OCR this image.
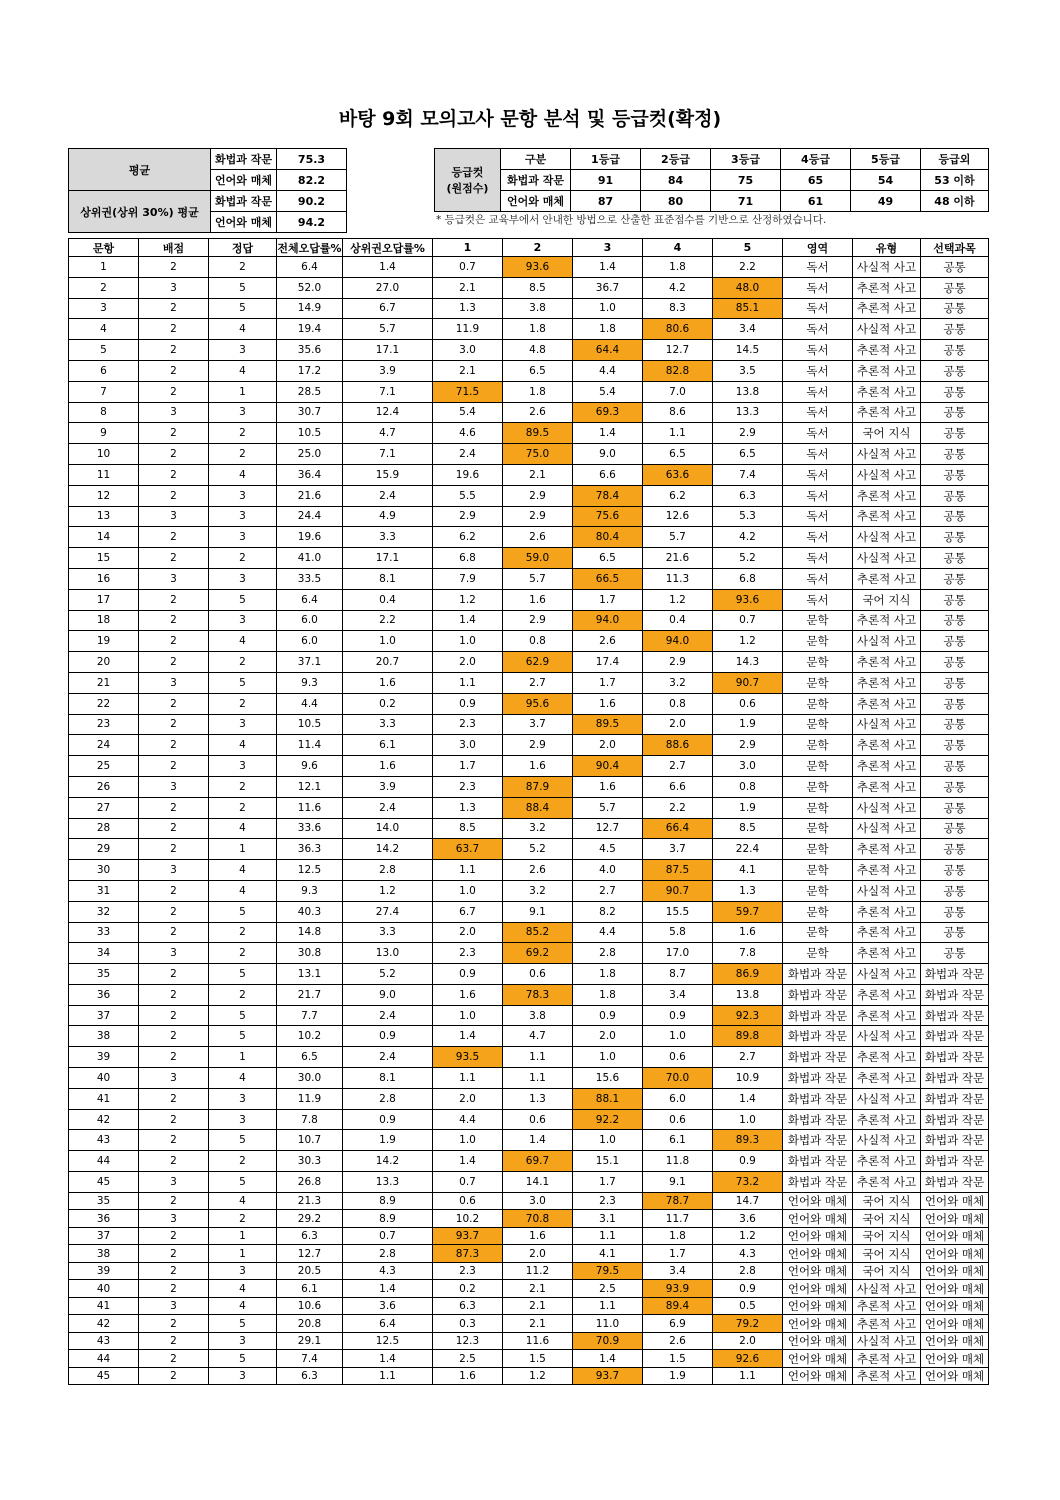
바탕 9회 모의고사 문항 분석 및 등급컷(확정)
평균	화법과 작문	75.3
	언어와 매체	82.2
상위권(상위 30%) 평균	화법과 작문	90.2
	언어와 매체	94.2
등급컷
(원점수)	구분	1등급	2등급	3등급	4등급	5등급	등급외
	화법과 작문	91	84	75	65	54	53 이하
	언어와 매체	87	80	71	61	49	48 이하
* 등급컷은 교육부에서 안내한 방법으로 산출한 표준점수를 기반으로 산정하였습니다.
문항	배점	정답	전체오답률%	상위권오답률%	1	2	3	4	5	영역	유형	선택과목
1	2	2	6.4	1.4	0.7	93.6	1.4	1.8	2.2	독서	사실적 사고	공통
2	3	5	52.0	27.0	2.1	8.5	36.7	4.2	48.0	독서	추론적 사고	공통
3	2	5	14.9	6.7	1.3	3.8	1.0	8.3	85.1	독서	추론적 사고	공통
4	2	4	19.4	5.7	11.9	1.8	1.8	80.6	3.4	독서	사실적 사고	공통
5	2	3	35.6	17.1	3.0	4.8	64.4	12.7	14.5	독서	추론적 사고	공통
6	2	4	17.2	3.9	2.1	6.5	4.4	82.8	3.5	독서	추론적 사고	공통
7	2	1	28.5	7.1	71.5	1.8	5.4	7.0	13.8	독서	추론적 사고	공통
8	3	3	30.7	12.4	5.4	2.6	69.3	8.6	13.3	독서	추론적 사고	공통
9	2	2	10.5	4.7	4.6	89.5	1.4	1.1	2.9	독서	국어 지식	공통
10	2	2	25.0	7.1	2.4	75.0	9.0	6.5	6.5	독서	사실적 사고	공통
11	2	4	36.4	15.9	19.6	2.1	6.6	63.6	7.4	독서	사실적 사고	공통
12	2	3	21.6	2.4	5.5	2.9	78.4	6.2	6.3	독서	추론적 사고	공통
13	3	3	24.4	4.9	2.9	2.9	75.6	12.6	5.3	독서	추론적 사고	공통
14	2	3	19.6	3.3	6.2	2.6	80.4	5.7	4.2	독서	사실적 사고	공통
15	2	2	41.0	17.1	6.8	59.0	6.5	21.6	5.2	독서	사실적 사고	공통
16	3	3	33.5	8.1	7.9	5.7	66.5	11.3	6.8	독서	추론적 사고	공통
17	2	5	6.4	0.4	1.2	1.6	1.7	1.2	93.6	독서	국어 지식	공통
18	2	3	6.0	2.2	1.4	2.9	94.0	0.4	0.7	문학	추론적 사고	공통
19	2	4	6.0	1.0	1.0	0.8	2.6	94.0	1.2	문학	사실적 사고	공통
20	2	2	37.1	20.7	2.0	62.9	17.4	2.9	14.3	문학	추론적 사고	공통
21	3	5	9.3	1.6	1.1	2.7	1.7	3.2	90.7	문학	추론적 사고	공통
22	2	2	4.4	0.2	0.9	95.6	1.6	0.8	0.6	문학	추론적 사고	공통
23	2	3	10.5	3.3	2.3	3.7	89.5	2.0	1.9	문학	사실적 사고	공통
24	2	4	11.4	6.1	3.0	2.9	2.0	88.6	2.9	문학	추론적 사고	공통
25	2	3	9.6	1.6	1.7	1.6	90.4	2.7	3.0	문학	추론적 사고	공통
26	3	2	12.1	3.9	2.3	87.9	1.6	6.6	0.8	문학	추론적 사고	공통
27	2	2	11.6	2.4	1.3	88.4	5.7	2.2	1.9	문학	사실적 사고	공통
28	2	4	33.6	14.0	8.5	3.2	12.7	66.4	8.5	문학	사실적 사고	공통
29	2	1	36.3	14.2	63.7	5.2	4.5	3.7	22.4	문학	추론적 사고	공통
30	3	4	12.5	2.8	1.1	2.6	4.0	87.5	4.1	문학	추론적 사고	공통
31	2	4	9.3	1.2	1.0	3.2	2.7	90.7	1.3	문학	사실적 사고	공통
32	2	5	40.3	27.4	6.7	9.1	8.2	15.5	59.7	문학	추론적 사고	공통
33	2	2	14.8	3.3	2.0	85.2	4.4	5.8	1.6	문학	추론적 사고	공통
34	3	2	30.8	13.0	2.3	69.2	2.8	17.0	7.8	문학	추론적 사고	공통
35	2	5	13.1	5.2	0.9	0.6	1.8	8.7	86.9	화법과 작문	사실적 사고	화법과 작문
36	2	2	21.7	9.0	1.6	78.3	1.8	3.4	13.8	화법과 작문	추론적 사고	화법과 작문
37	2	5	7.7	2.4	1.0	3.8	0.9	0.9	92.3	화법과 작문	추론적 사고	화법과 작문
38	2	5	10.2	0.9	1.4	4.7	2.0	1.0	89.8	화법과 작문	사실적 사고	화법과 작문
39	2	1	6.5	2.4	93.5	1.1	1.0	0.6	2.7	화법과 작문	추론적 사고	화법과 작문
40	3	4	30.0	8.1	1.1	1.1	15.6	70.0	10.9	화법과 작문	추론적 사고	화법과 작문
41	2	3	11.9	2.8	2.0	1.3	88.1	6.0	1.4	화법과 작문	사실적 사고	화법과 작문
42	2	3	7.8	0.9	4.4	0.6	92.2	0.6	1.0	화법과 작문	추론적 사고	화법과 작문
43	2	5	10.7	1.9	1.0	1.4	1.0	6.1	89.3	화법과 작문	사실적 사고	화법과 작문
44	2	2	30.3	14.2	1.4	69.7	15.1	11.8	0.9	화법과 작문	추론적 사고	화법과 작문
45	3	5	26.8	13.3	0.7	14.1	1.7	9.1	73.2	화법과 작문	추론적 사고	화법과 작문
35	2	4	21.3	8.9	0.6	3.0	2.3	78.7	14.7	언어와 매체	국어 지식	언어와 매체
36	3	2	29.2	8.9	10.2	70.8	3.1	11.7	3.6	언어와 매체	국어 지식	언어와 매체
37	2	1	6.3	0.7	93.7	1.6	1.1	1.8	1.2	언어와 매체	국어 지식	언어와 매체
38	2	1	12.7	2.8	87.3	2.0	4.1	1.7	4.3	언어와 매체	국어 지식	언어와 매체
39	2	3	20.5	4.3	2.3	11.2	79.5	3.4	2.8	언어와 매체	국어 지식	언어와 매체
40	2	4	6.1	1.4	0.2	2.1	2.5	93.9	0.9	언어와 매체	사실적 사고	언어와 매체
41	3	4	10.6	3.6	6.3	2.1	1.1	89.4	0.5	언어와 매체	추론적 사고	언어와 매체
42	2	5	20.8	6.4	0.3	2.1	11.0	6.9	79.2	언어와 매체	추론적 사고	언어와 매체
43	2	3	29.1	12.5	12.3	11.6	70.9	2.6	2.0	언어와 매체	사실적 사고	언어와 매체
44	2	5	7.4	1.4	2.5	1.5	1.4	1.5	92.6	언어와 매체	추론적 사고	언어와 매체
45	2	3	6.3	1.1	1.6	1.2	93.7	1.9	1.1	언어와 매체	추론적 사고	언어와 매체
